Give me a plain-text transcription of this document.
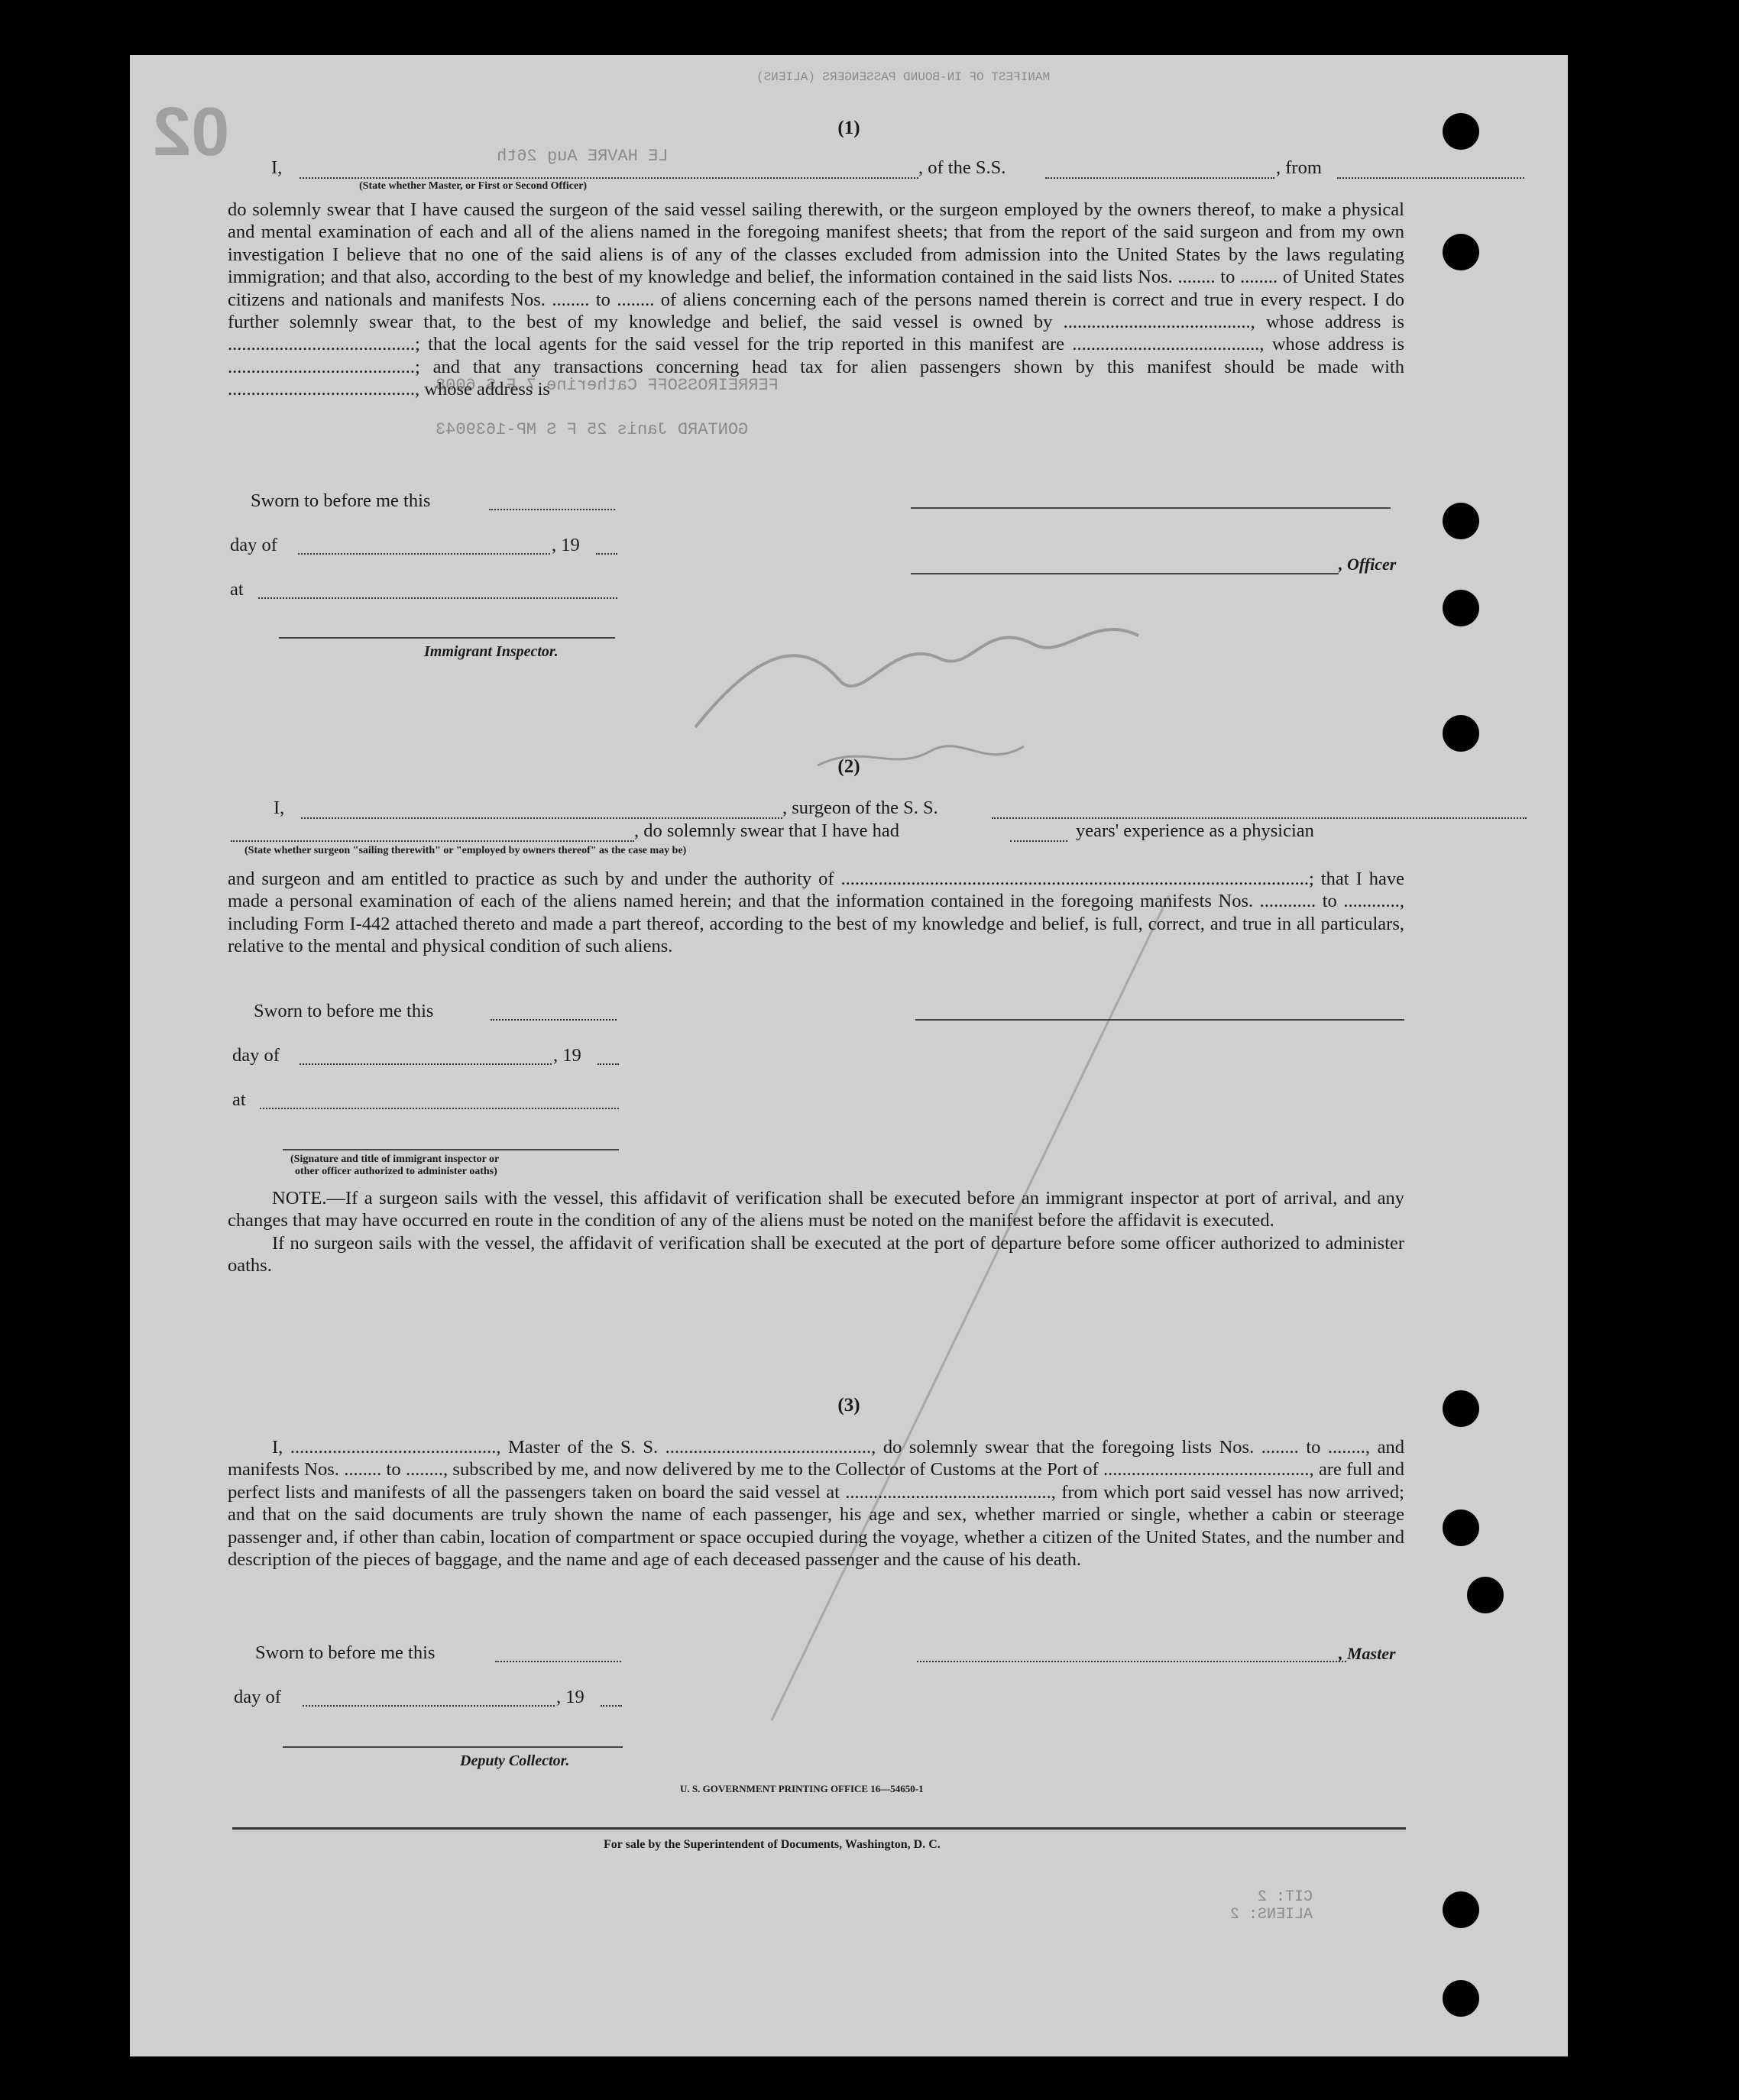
MANIFEST OF IN-BOUND PASSENGERS (ALIENS)
FERREIROSSOFF Catherine 7 F S 6008
GONTARD Janis 25 F S MP-1639043
LE HAVRE Aug 26th
CIT: 2
ALIENS: 2
02	(1)
I,	, of the S.S.	, from
(State whether Master, or First or Second Officer)

do solemnly swear that I have caused the surgeon of the said vessel sailing therewith, or the surgeon employed by the owners thereof, to make a physical and mental examination of each and all of the aliens named in the foregoing manifest sheets; that from the report of the said surgeon and from my own investigation I believe that no one of the said aliens is of any of the classes excluded from admission into the United States by the laws regulating immigration; and that also, according to the best of my knowledge and belief, the information contained in the said lists Nos. ........ to ........ of United States citizens and nationals and manifests Nos. ........ to ........ of aliens concerning each of the persons named therein is correct and true in every respect. I do further solemnly swear that, to the best of my knowledge and belief, the said vessel is owned by ........................................, whose address is ........................................; that the local agents for the said vessel for the trip reported in this manifest are ........................................, whose address is ........................................; and that any transactions concerning head tax for alien passengers shown by this manifest should be made with ........................................, whose address is

Sworn to before me this
day of	, 19
at
, Officer
Immigrant Inspector.
(2)
I,	, surgeon of the S. S.
, do solemnly swear that I have had	years' experience as a physician
(State whether surgeon "sailing therewith" or "employed by owners thereof" as the case may be)

and surgeon and am entitled to practice as such by and under the authority of ....................................................................................................; that I have made a personal examination of each of the aliens named herein; and that the information contained in the foregoing manifests Nos. ............ to ............, including Form I-442 attached thereto and made a part thereof, according to the best of my knowledge and belief, is full, correct, and true in all particulars, relative to the mental and physical condition of such aliens.

Sworn to before me this
day of	, 19
at
(Signature and title of immigrant inspector or
other officer authorized to administer oaths)

NOTE.—If a surgeon sails with the vessel, this affidavit of verification shall be executed before an immigrant inspector at port of arrival, and any changes that may have occurred en route in the condition of any of the aliens must be noted on the manifest before the affidavit is executed.

If no surgeon sails with the vessel, the affidavit of verification shall be executed at the port of departure before some officer authorized to administer oaths.

(3)

I, ............................................, Master of the S. S. ............................................, do solemnly swear that the foregoing lists Nos. ........ to ........, and manifests Nos. ........ to ........, subscribed by me, and now delivered by me to the Collector of Customs at the Port of ............................................, are full and perfect lists and manifests of all the passengers taken on board the said vessel at ............................................, from which port said vessel has now arrived; and that on the said documents are truly shown the name of each passenger, his age and sex, whether married or single, whether a cabin or steerage passenger and, if other than cabin, location of compartment or space occupied during the voyage, whether a citizen of the United States, and the number and description of the pieces of baggage, and the name and age of each deceased passenger and the cause of his death.

Sworn to before me this	, Master
day of	, 19
Deputy Collector.
U. S. GOVERNMENT PRINTING OFFICE 16—54650-1
For sale by the Superintendent of Documents, Washington, D. C.
